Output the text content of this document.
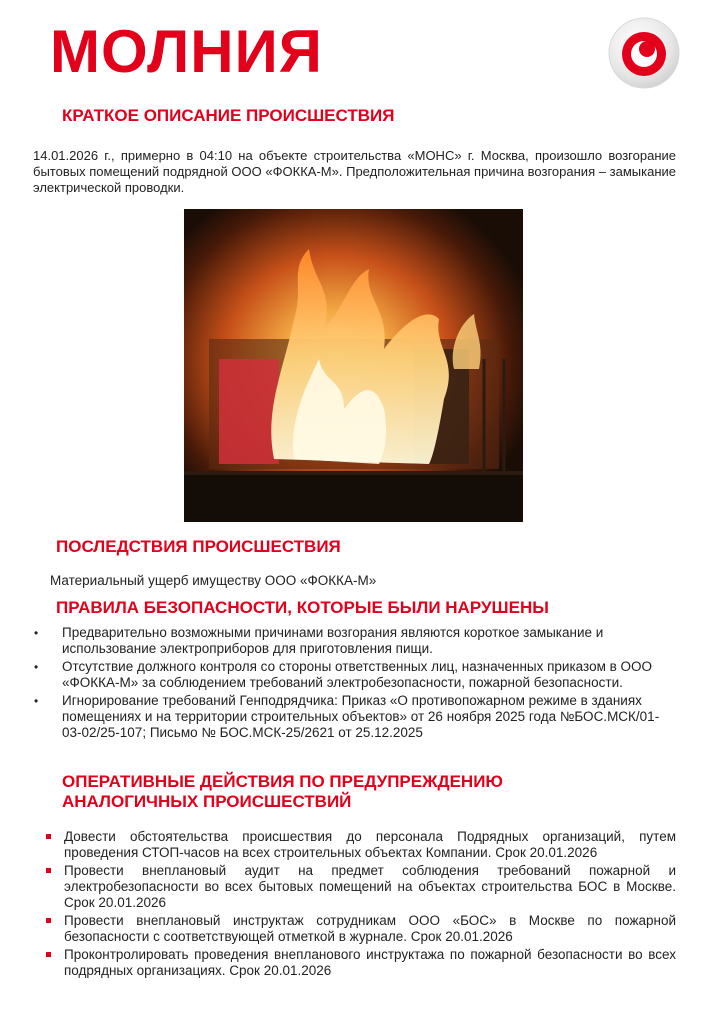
МОЛНИЯ
КРАТКОЕ ОПИСАНИЕ ПРОИСШЕСТВИЯ
14.01.2026 г., примерно в 04:10 на объекте строительства «МОНС» г. Москва, произошло возгорание бытовых помещений подрядной ООО «ФОККА-М». Предположительная причина возгорания – замыкание электрической проводки.
ПОСЛЕДСТВИЯ ПРОИСШЕСТВИЯ
Материальный ущерб имуществу ООО «ФОККА-М»
ПРАВИЛА БЕЗОПАСНОСТИ, КОТОРЫЕ БЫЛИ НАРУШЕНЫ
• Предварительно возможными причинами возгорания являются короткое замыкание и использование электроприборов для приготовления пищи.
• Отсутствие должного контроля со стороны ответственных лиц, назначенных приказом в ООО «ФОККА-М» за соблюдением требований электробезопасности, пожарной безопасности.
• Игнорирование требований Генподрядчика: Приказ «О противопожарном режиме в зданиях помещениях и на территории строительных объектов» от 26 ноября 2025 года №БОС.МСК/01-03-02/25-107; Письмо № БОС.МСК-25/2621 от 25.12.2025
ОПЕРАТИВНЫЕ ДЕЙСТВИЯ ПО ПРЕДУПРЕЖДЕНИЮ
АНАЛОГИЧНЫХ ПРОИСШЕСТВИЙ
Довести обстоятельства происшествия до персонала Подрядных организаций, путем проведения СТОП-часов на всех строительных объектах Компании. Срок 20.01.2026
Провести внеплановый аудит на предмет соблюдения требований пожарной и электробезопасности во всех бытовых помещений на объектах строительства БОС в Москве. Срок 20.01.2026
Провести внеплановый инструктаж сотрудникам ООО «БОС» в Москве по пожарной безопасности с соответствующей отметкой в журнале. Срок 20.01.2026
Проконтролировать проведения внепланового инструктажа по пожарной безопасности во всех подрядных организациях. Срок 20.01.2026
